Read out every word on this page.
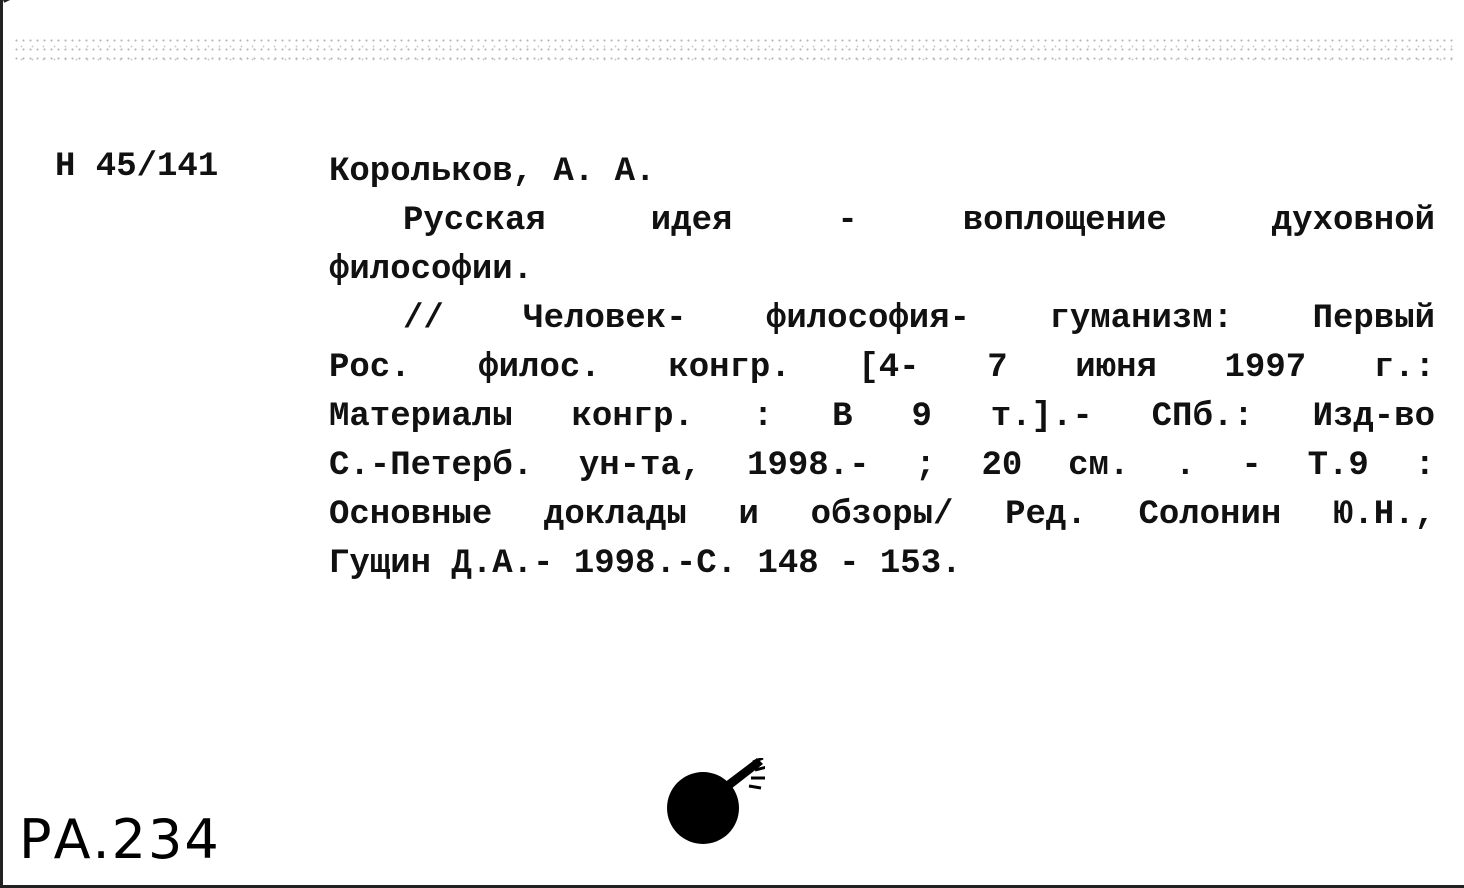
Н 45/141	Корольков, А. А.
Русская идея - воплощение духовной
философии.
// Человек- философия- гуманизм: Первый
Рос. филос. конгр. [4- 7 июня 1997 г.:
Материалы конгр. : В 9 т.].- СПб.: Изд-во
С.-Петерб. ун-та, 1998.- ; 20 см. . - Т.9 :
Основные доклады и обзоры/ Ред. Солонин Ю.Н.,
Гущин Д.А.- 1998.-С. 148 - 153.
РА.234
